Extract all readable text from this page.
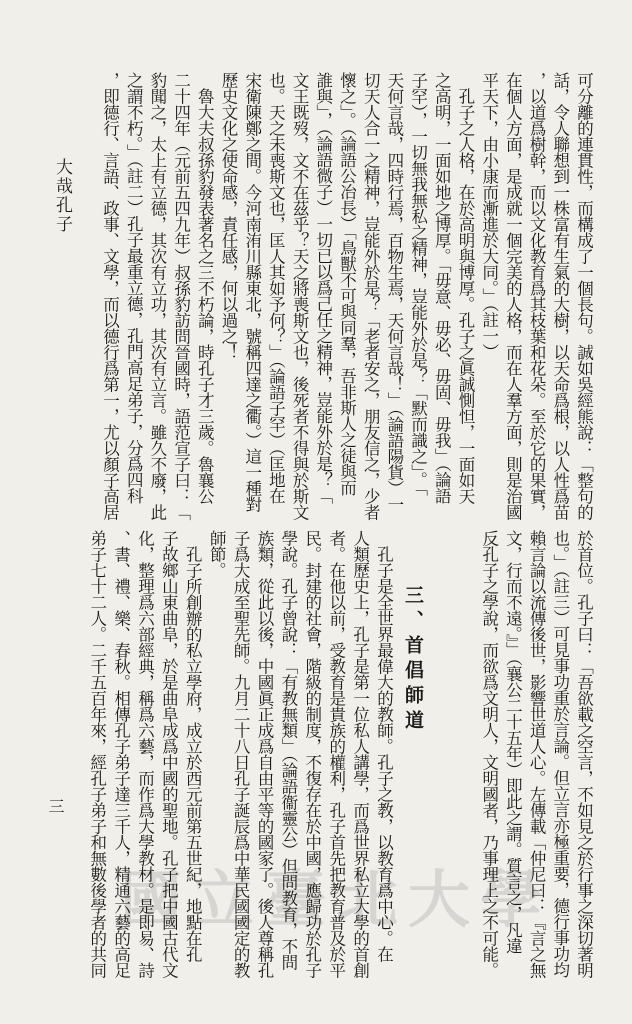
大哉孔子
三
三、首倡師道
國立臺北大學
可分離的連貫性，而構成了一個長句。誠如吳經熊說：「整句的
話，令人聯想到一株富有生氣的大樹，以天命爲根，以人性爲苗
，以道爲樹幹，而以文化教育爲其枝葉和花朵。至於它的果實，
在個人方面，是成就一個完美的人格，而在人羣方面，則是治國
平天下，由小康而漸進於大同。」（註一）
　孔子之人格，在於高明與博厚。孔子之眞誠惻怛，一面如天
之高明，一面如地之博厚。「毋意、毋必、毋固、毋我」（論語
子罕），一切無我無私之精神，豈能外於是？「默而識之」。「
天何言哉，四時行焉，百物生焉，天何言哉！」（論語陽貨）一
切天人合一之精神，豈能外於是？「老者安之，朋友信之，少者
懷之」。（論語公冶長）「鳥獸不可與同羣，吾非斯人之徒與而
誰與」，（論語微子）一切已以爲己任之精神，豈能外於是？「
文王既歿，文不在茲乎？天之將喪斯文也，後死者不得與於斯文
也。天之未喪斯文也，匡人其如予何？」（論語子罕）（匡地在
宋衛陳鄭之間。今河南洧川縣東北，號稱四達之衢。）這一種對
歷史文化之使命感，責任感，何以過之！
　魯大夫叔孫豹發表著名之三不朽論，時孔子才三歲。魯襄公
二十四年（元前五四九年）叔孫豹訪問晉國時，語范宣子曰：「
豹聞之，太上有立德，其次有立功，其次有立言。雖久不廢，此
之謂不朽。」（註二）孔子最重立德，孔門高足弟子，分爲四科
，即德行、言語、政事、文學，而以德行爲第一，尤以顏子高居
於首位。孔子曰：「吾欲載之空言，不如見之於行事之深切著明
也。」（註三）可見事功重於言論。但立言亦極重要，德行事功均
賴言論以流傳後世，影響世道人心。左傳載「仲尼曰：『言之無
文，行而不遠。』」（襄公二十五年）即此之謂。質言之，凡違
反孔子之學說，而欲爲文明人，文明國者，乃事理上之不可能。
　孔子是全世界最偉大的教師。孔子之教，以教育爲中心。在
人類歷史上，孔子是第一位私人講學，而爲世界私立大學的首創
者。在他以前，受教育是貴族的權利，孔子首先把教育普及於平
民。封建的社會，階級的制度，不復存在於中國，應歸功於孔子
學說。孔子曾說：「有教無類」（論語衞靈公）但問教育，不問
族類，從此以後，中國眞正成爲自由平等的國家了。後人尊稱孔
子爲大成至聖先師。九月二十八日孔子誕辰爲中華民國國定的教
師節。
　孔子所創辦的私立學府，成立於西元前第五世紀，地點在孔
子故鄉山東曲阜，於是曲阜成爲中國的聖地。孔子把中國古代文
化，整理爲六部經典，稱爲六藝，而作爲大學教材。是即易、詩
、書、禮、樂、春秋。相傳孔子弟子達三千人，精通六藝的高足
弟子七十二人。二千五百年來，經孔子弟子和無數後學者的共同
